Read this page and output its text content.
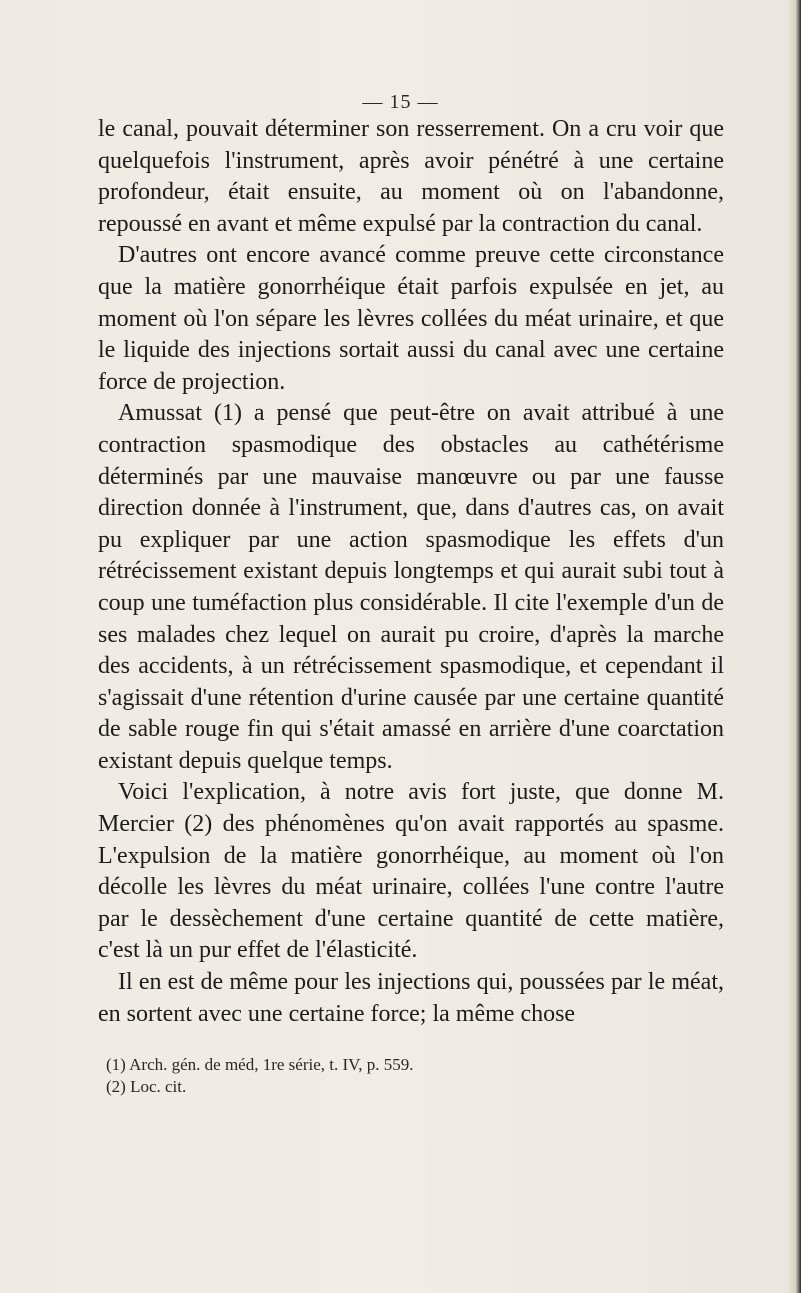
— 15 —

le canal, pouvait déterminer son resserrement. On a cru voir que quelquefois l'instrument, après avoir pénétré à une certaine profondeur, était ensuite, au moment où on l'abandonne, repoussé en avant et même expulsé par la contraction du canal.

D'autres ont encore avancé comme preuve cette circonstance que la matière gonorrhéique était parfois expulsée en jet, au moment où l'on sépare les lèvres collées du méat urinaire, et que le liquide des injections sortait aussi du canal avec une certaine force de projection.

Amussat (1) a pensé que peut-être on avait attribué à une contraction spasmodique des obstacles au cathétérisme déterminés par une mauvaise manœuvre ou par une fausse direction donnée à l'instrument, que, dans d'autres cas, on avait pu expliquer par une action spasmodique les effets d'un rétrécissement existant depuis longtemps et qui aurait subi tout à coup une tuméfaction plus considérable. Il cite l'exemple d'un de ses malades chez lequel on aurait pu croire, d'après la marche des accidents, à un rétrécissement spasmodique, et cependant il s'agissait d'une rétention d'urine causée par une certaine quantité de sable rouge fin qui s'était amassé en arrière d'une coarctation existant depuis quelque temps.

Voici l'explication, à notre avis fort juste, que donne M. Mercier (2) des phénomènes qu'on avait rapportés au spasme. L'expulsion de la matière gonorrhéique, au moment où l'on décolle les lèvres du méat urinaire, collées l'une contre l'autre par le dessèchement d'une certaine quantité de cette matière, c'est là un pur effet de l'élasticité.

Il en est de même pour les injections qui, poussées par le méat, en sortent avec une certaine force; la même chose

(1) Arch. gén. de méd, 1re série, t. IV, p. 559.
(2) Loc. cit.
